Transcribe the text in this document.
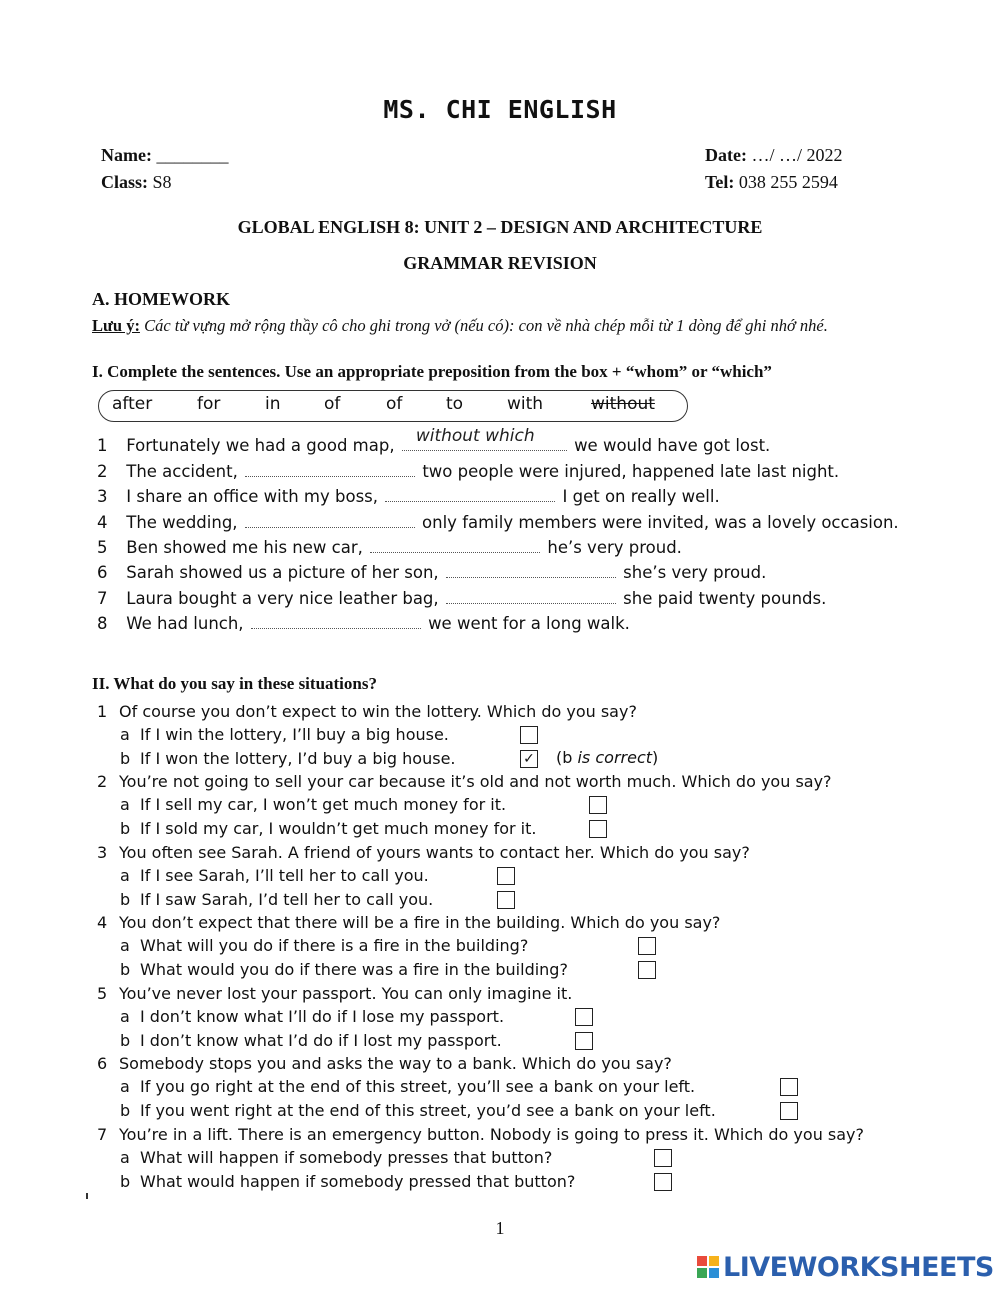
MS. CHI ENGLISH
Name: ________
Class: S8
Date: …/ …/ 2022
Tel: 038 255 2594
GLOBAL ENGLISH 8: UNIT 2 – DESIGN AND ARCHITECTURE
GRAMMAR REVISION
A. HOMEWORK
Lưu ý: Các từ vựng mở rộng thầy cô cho ghi trong vở (nếu có): con về nhà chép mỗi từ 1 dòng để ghi nhớ nhé.
I. Complete the sentences. Use an appropriate preposition from the box + “whom” or “which”
after	for	in	of	of	to	with	without
1 Fortunately we had a good map, without which we would have got lost.
2 The accident,	two people were injured, happened late last night.
3 I share an office with my boss,	I get on really well.
4 The wedding,	only family members were invited, was a lovely occasion.
5 Ben showed me his new car,	he’s very proud.
6 Sarah showed us a picture of her son,	she’s very proud.
7 Laura bought a very nice leather bag,	she paid twenty pounds.
8 We had lunch,	we went for a long walk.
II. What do you say in these situations?
1 Of course you don’t expect to win the lottery. Which do you say?
a If I win the lottery, I’ll buy a big house.
b If I won the lottery, I’d buy a big house.	✓ (b is correct)
2 You’re not going to sell your car because it’s old and not worth much. Which do you say?
a If I sell my car, I won’t get much money for it.
b If I sold my car, I wouldn’t get much money for it.
3 You often see Sarah. A friend of yours wants to contact her. Which do you say?
a If I see Sarah, I’ll tell her to call you.
b If I saw Sarah, I’d tell her to call you.
4 You don’t expect that there will be a fire in the building. Which do you say?
a What will you do if there is a fire in the building?
b What would you do if there was a fire in the building?
5 You’ve never lost your passport. You can only imagine it.
a I don’t know what I’ll do if I lose my passport.
b I don’t know what I’d do if I lost my passport.
6 Somebody stops you and asks the way to a bank. Which do you say?
a If you go right at the end of this street, you’ll see a bank on your left.
b If you went right at the end of this street, you’d see a bank on your left.
7 You’re in a lift. There is an emergency button. Nobody is going to press it. Which do you say?
a What will happen if somebody presses that button?
b What would happen if somebody pressed that button?
1
LIVEWORKSHEETS
